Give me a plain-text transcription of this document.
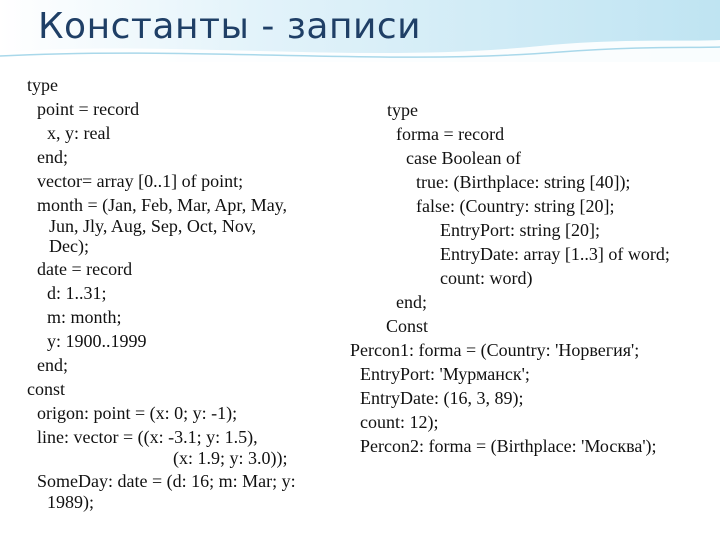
Константы - записи

type

point = record

x, y: real

end;

vector= array [0..1] of point;

month = (Jan, Feb, Mar, Apr, May,

Jun, Jly, Aug, Sep, Oct, Nov,

Dec);

date = record

d: 1..31;

m: month;

y: 1900..1999

end;

const

origon: point = (x: 0; y: -1);

line: vector = ((x: -3.1; y: 1.5),

(x: 1.9; y: 3.0));

SomeDay: date = (d: 16; m: Mar; y:

1989);

type

forma = record

case Boolean of

true: (Birthplace: string [40]);

false: (Country: string [20];

EntryPort: string [20];

EntryDate: array [1..3] of word;

count: word)

end;

Const

Percon1: forma = (Country: 'Норвегия';

EntryPort: 'Мурманск';

EntryDate: (16, 3, 89);

count: 12);

Percon2: forma = (Birthplace: 'Москва');
